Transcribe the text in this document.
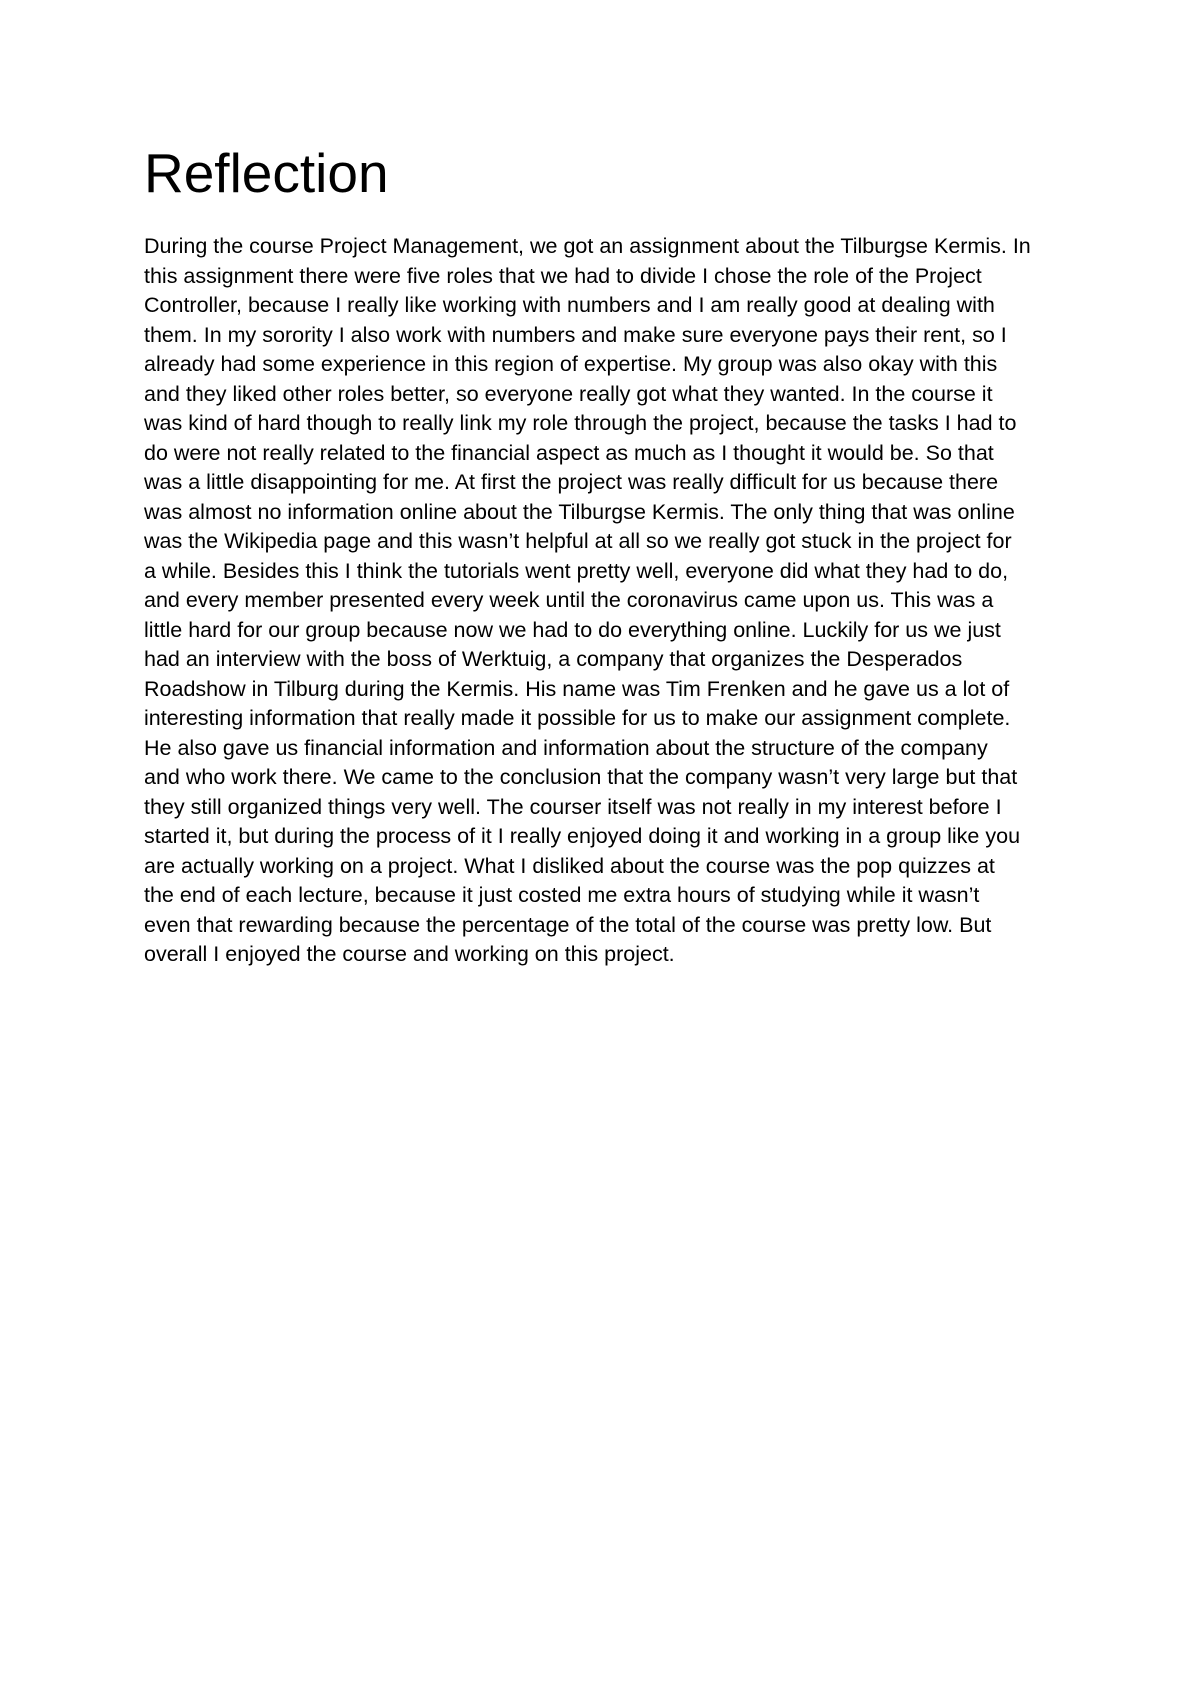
Reflection
During the course Project Management, we got an assignment about the Tilburgse Kermis. In
this assignment there were five roles that we had to divide I chose the role of the Project
Controller, because I really like working with numbers and I am really good at dealing with
them. In my sorority I also work with numbers and make sure everyone pays their rent, so I
already had some experience in this region of expertise. My group was also okay with this
and they liked other roles better, so everyone really got what they wanted. In the course it
was kind of hard though to really link my role through the project, because the tasks I had to
do were not really related to the financial aspect as much as I thought it would be. So that
was a little disappointing for me. At first the project was really difficult for us because there
was almost no information online about the Tilburgse Kermis. The only thing that was online
was the Wikipedia page and this wasn’t helpful at all so we really got stuck in the project for
a while. Besides this I think the tutorials went pretty well, everyone did what they had to do,
and every member presented every week until the coronavirus came upon us. This was a
little hard for our group because now we had to do everything online. Luckily for us we just
had an interview with the boss of Werktuig, a company that organizes the Desperados
Roadshow in Tilburg during the Kermis. His name was Tim Frenken and he gave us a lot of
interesting information that really made it possible for us to make our assignment complete.
He also gave us financial information and information about the structure of the company
and who work there. We came to the conclusion that the company wasn’t very large but that
they still organized things very well. The courser itself was not really in my interest before I
started it, but during the process of it I really enjoyed doing it and working in a group like you
are actually working on a project. What I disliked about the course was the pop quizzes at
the end of each lecture, because it just costed me extra hours of studying while it wasn’t
even that rewarding because the percentage of the total of the course was pretty low. But
overall I enjoyed the course and working on this project.
